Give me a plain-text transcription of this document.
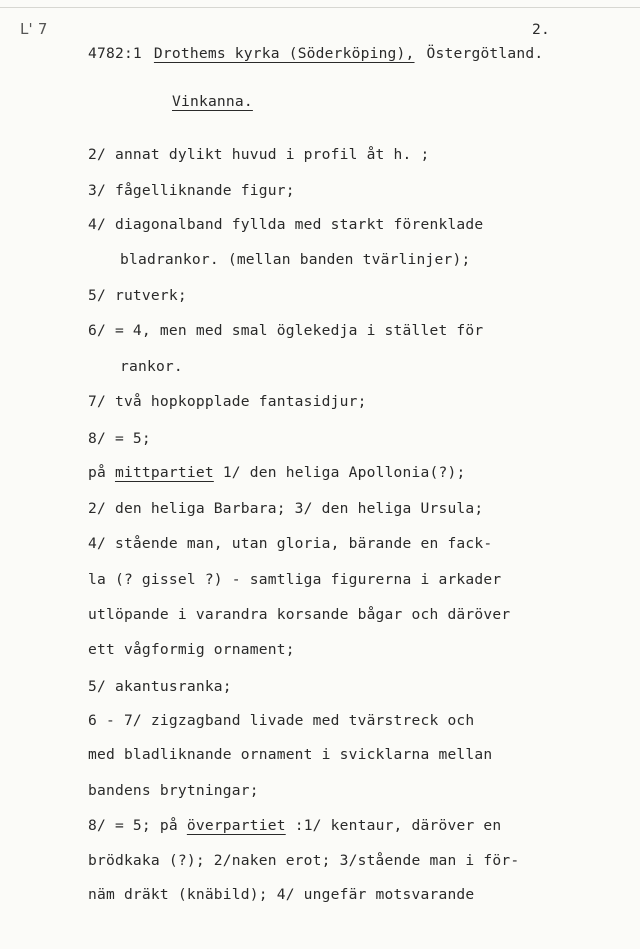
L' 7	2.
4782:1 Drothems kyrka (Söderköping), Östergötland.
Vinkanna.
2/ annat dylikt huvud i profil åt h. ;
3/ fågelliknande figur;
4/ diagonalband fyllda med starkt förenklade
bladrankor. (mellan banden tvärlinjer);
5/ rutverk;
6/ = 4, men med smal öglekedja i stället för
rankor.
7/ två hopkopplade fantasidjur;
8/ = 5;
på mittpartiet 1/ den heliga Apollonia(?);
2/ den heliga Barbara; 3/ den heliga Ursula;
4/ stående man, utan gloria, bärande en fack-
la (? gissel ?) - samtliga figurerna i arkader
utlöpande i varandra korsande bågar och däröver
ett vågformig ornament;
5/ akantusranka;
6 - 7/ zigzagband livade med tvärstreck och
med bladliknande ornament i svicklarna mellan
bandens brytningar;
8/ = 5; på överpartiet :1/ kentaur, däröver en
brödkaka (?); 2/naken erot; 3/stående man i för-
näm dräkt (knäbild); 4/ ungefär motsvarande
